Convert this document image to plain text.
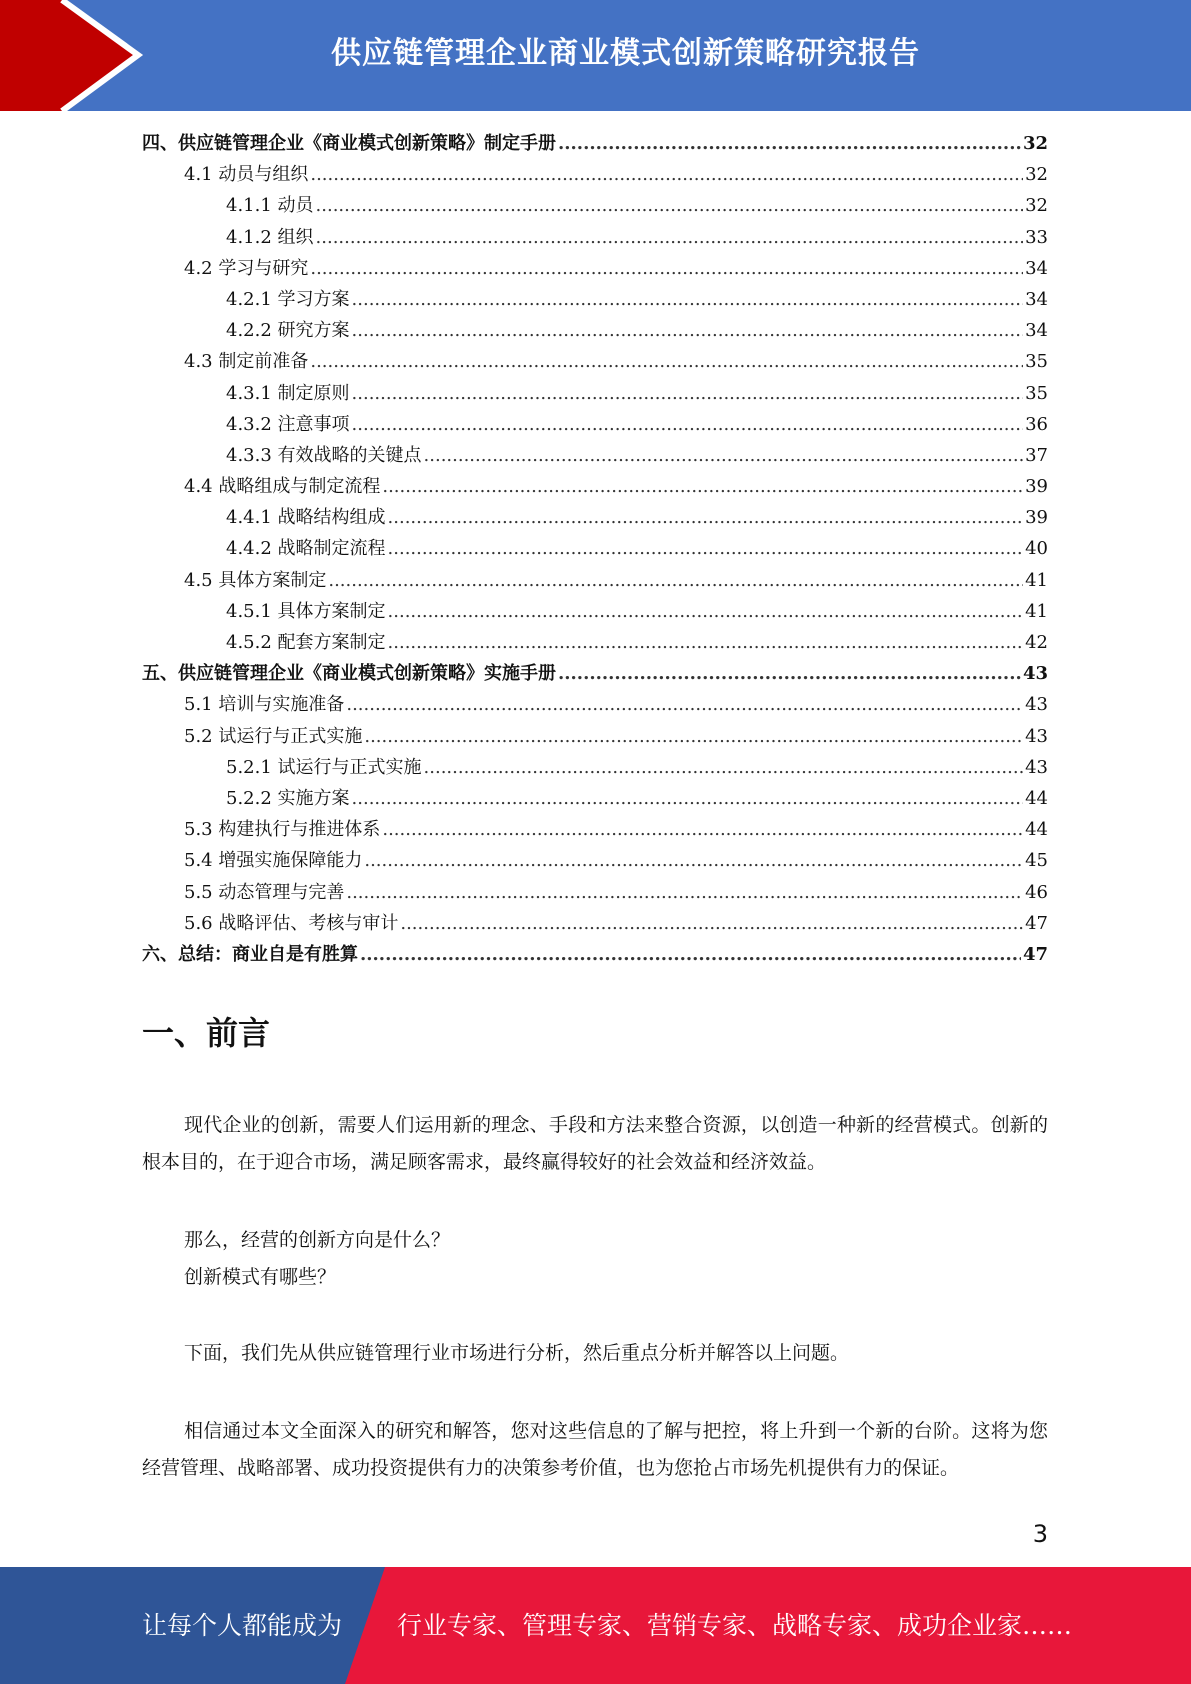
供应链管理企业商业模式创新策略研究报告
四、供应链管理企业《商业模式创新策略》制定手册 .....	32
4.1 动员与组织 .....	32
4.1.1 动员 .....	32
4.1.2 组织 .....	33
4.2 学习与研究 .....	34
4.2.1 学习方案 .....	34
4.2.2 研究方案 .....	34
4.3 制定前准备 .....	35
4.3.1 制定原则 .....	35
4.3.2 注意事项 .....	36
4.3.3 有效战略的关键点 .....	37
4.4 战略组成与制定流程 .....	39
4.4.1 战略结构组成 .....	39
4.4.2 战略制定流程 .....	40
4.5 具体方案制定 .....	41
4.5.1 具体方案制定 .....	41
4.5.2 配套方案制定 .....	42
五、供应链管理企业《商业模式创新策略》实施手册 .....	43
5.1 培训与实施准备 .....	43
5.2 试运行与正式实施 .....	43
5.2.1 试运行与正式实施 .....	43
5.2.2 实施方案 .....	44
5.3 构建执行与推进体系 .....	44
5.4 增强实施保障能力 .....	45
5.5 动态管理与完善 .....	46
5.6 战略评估、考核与审计 .....	47
六、总结：商业自是有胜算 .....	47
一、前言

现代企业的创新，需要人们运用新的理念、手段和方法来整合资源，以创造一种新的经营模式。创新的根本目的，在于迎合市场，满足顾客需求，最终赢得较好的社会效益和经济效益。

那么，经营的创新方向是什么？

创新模式有哪些？

下面，我们先从供应链管理行业市场进行分析，然后重点分析并解答以上问题。

相信通过本文全面深入的研究和解答，您对这些信息的了解与把控，将上升到一个新的台阶。这将为您经营管理、战略部署、成功投资提供有力的决策参考价值，也为您抢占市场先机提供有力的保证。

3
让每个人都能成为 行业专家、管理专家、营销专家、战略专家、成功企业家……
